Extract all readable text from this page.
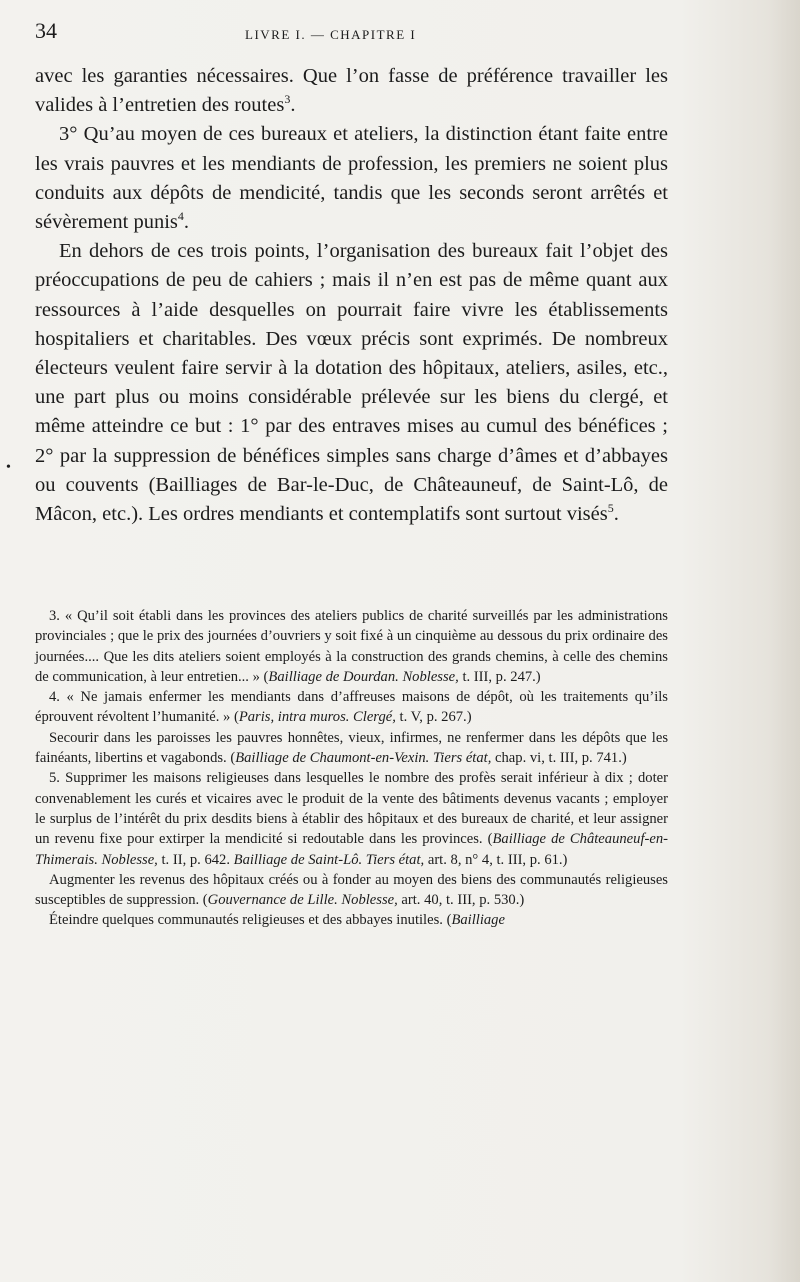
34	LIVRE I. — CHAPITRE I
•

avec les garanties nécessaires. Que l’on fasse de préférence travailler les valides à l’entretien des routes$^3$.

3° Qu’au moyen de ces bureaux et ateliers, la distinction étant faite entre les vrais pauvres et les mendiants de profession, les premiers ne soient plus conduits aux dépôts de mendicité, tandis que les seconds seront arrêtés et sévèrement punis$^4$.

En dehors de ces trois points, l’organisation des bureaux fait l’objet des préoccupations de peu de cahiers ; mais il n’en est pas de même quant aux ressources à l’aide desquelles on pourrait faire vivre les établissements hospitaliers et charitables. Des vœux précis sont exprimés. De nombreux électeurs veulent faire servir à la dotation des hôpitaux, ateliers, asiles, etc., une part plus ou moins considérable prélevée sur les biens du clergé, et même atteindre ce but : 1° par des entraves mises au cumul des bénéfices ; 2° par la suppression de bénéfices simples sans charge d’âmes et d’abbayes ou couvents (Bailliages de Bar-le-Duc, de Châteauneuf, de Saint-Lô, de Mâcon, etc.). Les ordres mendiants et contemplatifs sont surtout visés$^5$.

3. « Qu’il soit établi dans les provinces des ateliers publics de charité surveillés par les administrations provinciales ; que le prix des journées d’ouvriers y soit fixé à un cinquième au dessous du prix ordinaire des journées.... Que les dits ateliers soient employés à la construction des grands chemins, à celle des chemins de communication, à leur entretien... » (Bailliage de Dourdan. Noblesse, t. III, p. 247.)

4. « Ne jamais enfermer les mendiants dans d’affreuses maisons de dépôt, où les traitements qu’ils éprouvent révoltent l’humanité. » (Paris, intra muros. Clergé, t. V, p. 267.)

Secourir dans les paroisses les pauvres honnêtes, vieux, infirmes, ne renfermer dans les dépôts que les fainéants, libertins et vagabonds. (Bailliage de Chaumont-en-Vexin. Tiers état, chap. vi, t. III, p. 741.)

5. Supprimer les maisons religieuses dans lesquelles le nombre des profès serait inférieur à dix ; doter convenablement les curés et vicaires avec le produit de la vente des bâtiments devenus vacants ; employer le surplus de l’intérêt du prix desdits biens à établir des hôpitaux et des bureaux de charité, et leur assigner un revenu fixe pour extirper la mendicité si redoutable dans les provinces. (Bailliage de Châteauneuf-en-Thimerais. Noblesse, t. II, p. 642. Bailliage de Saint-Lô. Tiers état, art. 8, n° 4, t. III, p. 61.)

Augmenter les revenus des hôpitaux créés ou à fonder au moyen des biens des communautés religieuses susceptibles de suppression. (Gouvernance de Lille. Noblesse, art. 40, t. III, p. 530.)

Éteindre quelques communautés religieuses et des abbayes inutiles. (Bailliage
